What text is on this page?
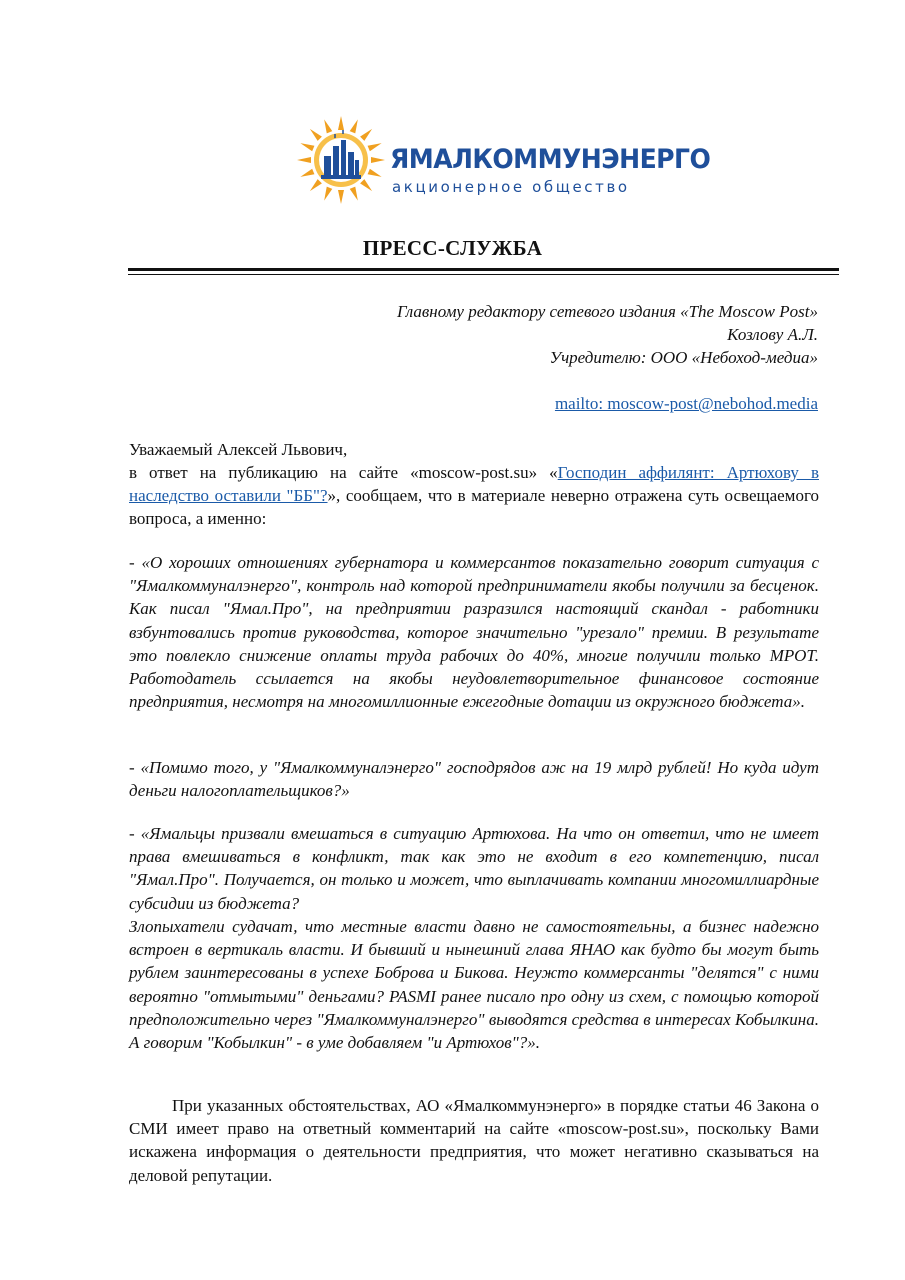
ЯМАЛКОММУНЭНЕРГО
акционерное общество
ПРЕСС-СЛУЖБА
Главному редактору сетевого издания «The Moscow Post»
Козлову А.Л.
Учредителю: ООО «Небоход-медиа»
mailto: moscow-post@nebohod.media
Уважаемый Алексей Львович,
в ответ на публикацию на сайте «moscow-post.su» «Господин аффилянт: Артюхову в наследство оставили "ББ"?», сообщаем, что в материале неверно отражена суть освещаемого вопроса, а именно:
- «О хороших отношениях губернатора и коммерсантов показательно говорит ситуация с "Ямалкоммуналэнерго", контроль над которой предприниматели якобы получили за бесценок. Как писал "Ямал.Про", на предприятии разразился настоящий скандал - работники взбунтовались против руководства, которое значительно "урезало" премии. В результате это повлекло снижение оплаты труда рабочих до 40%, многие получили только МРОТ. Работодатель ссылается на якобы неудовлетворительное финансовое состояние предприятия, несмотря на многомиллионные ежегодные дотации из окружного бюджета».
- «Помимо того, у "Ямалкоммуналэнерго" господрядов аж на 19 млрд рублей! Но куда идут деньги налогоплательщиков?»
- «Ямальцы призвали вмешаться в ситуацию Артюхова. На что он ответил, что не имеет права вмешиваться в конфликт, так как это не входит в его компетенцию, писал "Ямал.Про". Получается, он только и может, что выплачивать компании многомиллиардные субсидии из бюджета?
Злопыхатели судачат, что местные власти давно не самостоятельны, а бизнес надежно встроен в вертикаль власти. И бывший и нынешний глава ЯНАО как будто бы могут быть рублем заинтересованы в успехе Боброва и Бикова. Неужто коммерсанты "делятся" с ними вероятно "отмытыми" деньгами? PASMI ранее писало про одну из схем, с помощью которой предположительно через "Ямалкоммуналэнерго" выводятся средства в интересах Кобылкина. А говорим "Кобылкин" - в уме добавляем "и Артюхов"?».
При указанных обстоятельствах, АО «Ямалкоммунэнерго» в порядке статьи 46 Закона о СМИ имеет право на ответный комментарий на сайте «moscow-post.su», поскольку Вами искажена информация о деятельности предприятия, что может негативно сказываться на деловой репутации.
